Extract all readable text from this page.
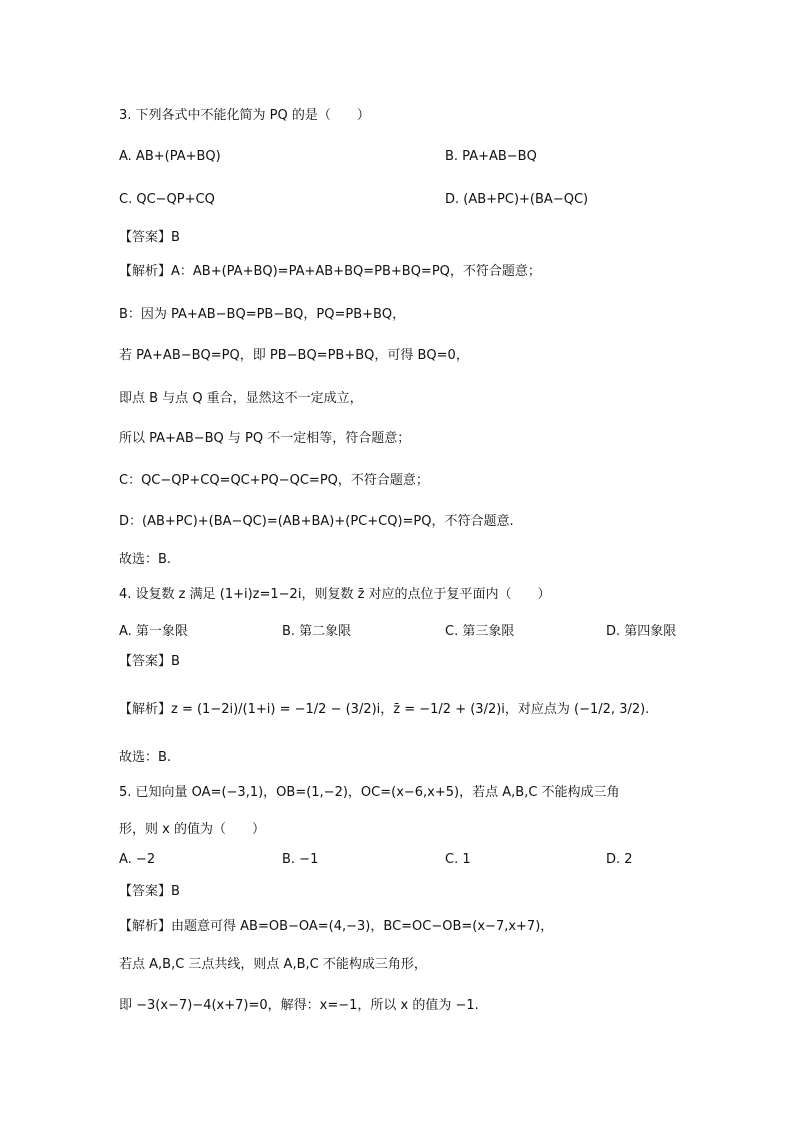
3. 下列各式中不能化简为 PQ 的是（　　）
A. AB+(PA+BQ)	B. PA+AB−BQ
C. QC−QP+CQ	D. (AB+PC)+(BA−QC)
【答案】B
【解析】A：AB+(PA+BQ)=PA+AB+BQ=PB+BQ=PQ，不符合题意；
B：因为 PA+AB−BQ=PB−BQ，PQ=PB+BQ，
若 PA+AB−BQ=PQ，即 PB−BQ=PB+BQ，可得 BQ=0，
即点 B 与点 Q 重合，显然这不一定成立，
所以 PA+AB−BQ 与 PQ 不一定相等，符合题意；
C：QC−QP+CQ=QC+PQ−QC=PQ，不符合题意；
D：(AB+PC)+(BA−QC)=(AB+BA)+(PC+CQ)=PQ，不符合题意.
故选：B.
4. 设复数 z 满足 (1+i)z=1−2i，则复数 z̄ 对应的点位于复平面内（　　）
A. 第一象限	B. 第二象限	C. 第三象限	D. 第四象限
【答案】B
【解析】z = (1−2i)/(1+i) = −1/2 − (3/2)i，z̄ = −1/2 + (3/2)i，对应点为 (−1/2, 3/2).
故选：B.
5. 已知向量 OA=(−3,1)，OB=(1,−2)，OC=(x−6,x+5)，若点 A,B,C 不能构成三角
形，则 x 的值为（　　）
A. −2	B. −1	C. 1	D. 2
【答案】B
【解析】由题意可得 AB=OB−OA=(4,−3)，BC=OC−OB=(x−7,x+7)，
若点 A,B,C 三点共线，则点 A,B,C 不能构成三角形，
即 −3(x−7)−4(x+7)=0，解得：x=−1，所以 x 的值为 −1.
